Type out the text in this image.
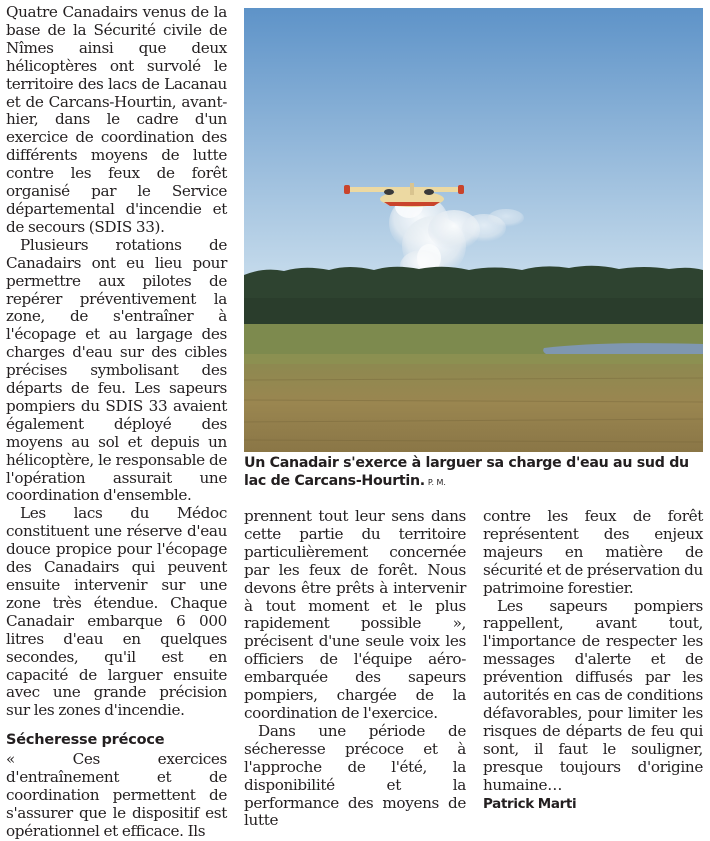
Quatre Canadairs venus de la base de la Sécurité civile de Nîmes ainsi que deux hélicoptères ont survolé le territoire des lacs de Lacanau et de Carcans-Hourtin, avant-hier, dans le cadre d'un exercice de coordination des différents moyens de lutte contre les feux de forêt organisé par le Service départemental d'incendie et de secours (SDIS 33).

Plusieurs rotations de Canadairs ont eu lieu pour permettre aux pilotes de repérer préventivement la zone, de s'entraîner à l'écopage et au largage des charges d'eau sur des cibles précises symbolisant des départs de feu. Les sapeurs pompiers du SDIS 33 avaient également déployé des moyens au sol et depuis un hélicoptère, le responsable de l'opération assurait une coordination d'ensemble.

Les lacs du Médoc constituent une réserve d'eau douce propice pour l'écopage des Canadairs qui peuvent ensuite intervenir sur une zone très étendue. Chaque Canadair embarque 6 000 litres d'eau en quelques secondes, qu'il est en capacité de larguer ensuite avec une grande précision sur les zones d'incendie.

Sécheresse précoce

« Ces exercices d'entraînement et de coordination permettent de s'assurer que le dispositif est opérationnel et efficace. Ils

Un Canadair s'exerce à larguer sa charge d'eau au sud du lac de Carcans-Hourtin. P. M.

prennent tout leur sens dans cette partie du territoire particulièrement concernée par les feux de forêt. Nous devons être prêts à intervenir à tout moment et le plus rapidement possible », précisent d'une seule voix les officiers de l'équipe aéro-embarquée des sapeurs pompiers, chargée de la coordination de l'exercice.

Dans une période de sécheresse précoce et à l'approche de l'été, la disponibilité et la performance des moyens de lutte

contre les feux de forêt représentent des enjeux majeurs en matière de sécurité et de préservation du patrimoine forestier.

Les sapeurs pompiers rappellent, avant tout, l'importance de respecter les messages d'alerte et de prévention diffusés par les autorités en cas de conditions défavorables, pour limiter les risques de départs de feu qui sont, il faut le souligner, presque toujours d'origine humaine…

Patrick Marti
